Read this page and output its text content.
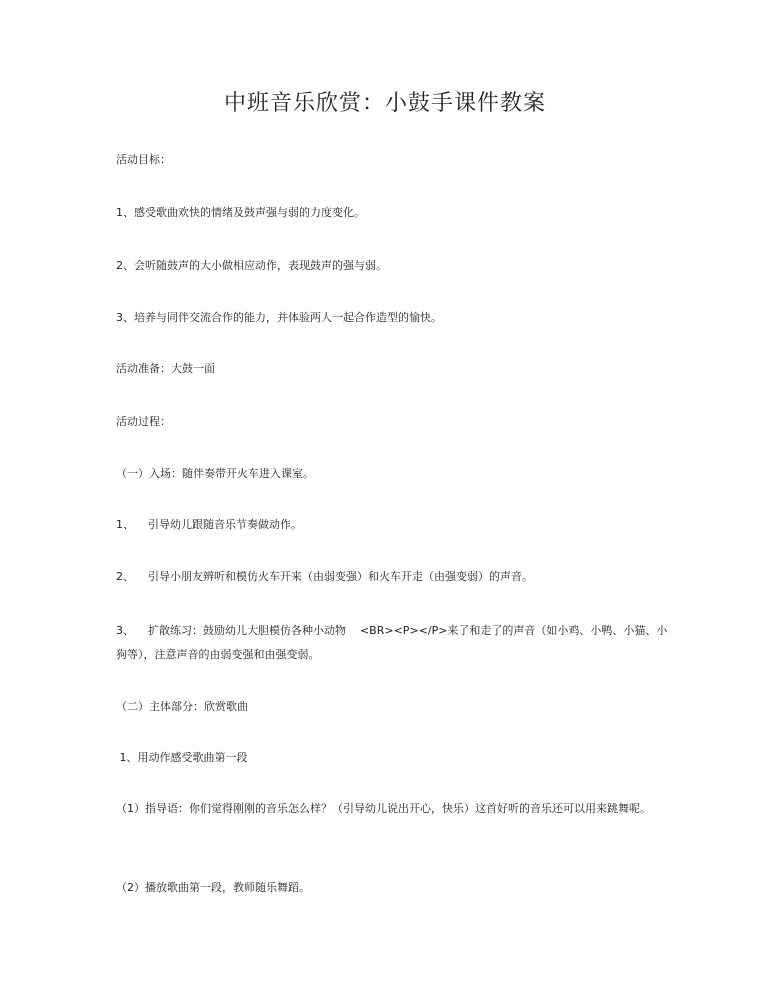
中班音乐欣赏：小鼓手课件教案
活动目标：
1、感受歌曲欢快的情绪及鼓声强与弱的力度变化。
2、会听随鼓声的大小做相应动作，表现鼓声的强与弱。
3、培养与同伴交流合作的能力，并体验两人一起合作造型的愉快。
活动准备：大鼓一面
活动过程：
（一）入场：随伴奏带开火车进入课室。
1、    引导幼儿跟随音乐节奏做动作。
2、    引导小朋友辨听和模仿火车开来（由弱变强）和火车开走（由强变弱）的声音。
3、    扩散练习：鼓励幼儿大胆模仿各种小动物    <BR><P></P>来了和走了的声音（如小鸡、小鸭、小猫、小狗等），注意声音的由弱变强和由强变弱。
（二）主体部分：欣赏歌曲
1、用动作感受歌曲第一段
（1）指导语：你们觉得刚刚的音乐怎么样？（引导幼儿说出开心，快乐）这首好听的音乐还可以用来跳舞呢。
（2）播放歌曲第一段，教师随乐舞蹈。
